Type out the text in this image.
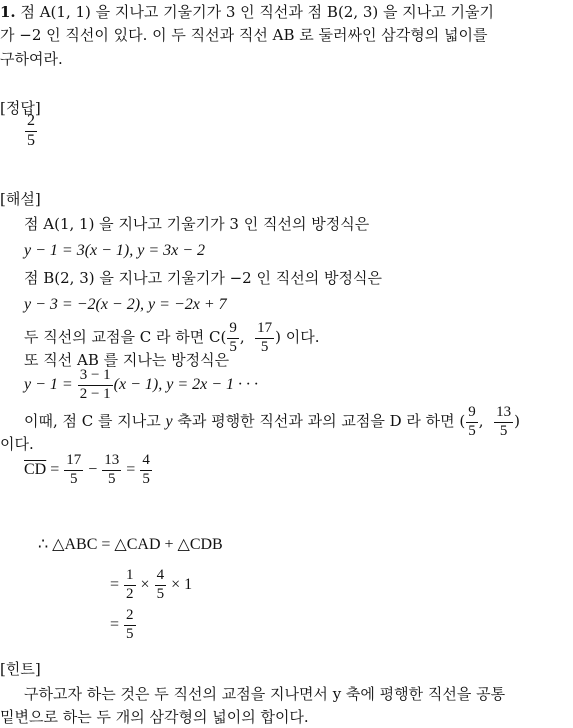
1. 점 A(1, 1) 을 지나고 기울기가 3 인 직선과 점 B(2, 3) 을 지나고 기울기
가 −2 인 직선이 있다. 이 두 직선과 직선 AB 로 둘러싸인 삼각형의 넓이를
구하여라.
[정답]
$\frac{2}{5}$
[해설]
점 A(1, 1) 을 지나고 기울기가 3 인 직선의 방정식은
y − 1 = 3(x − 1), y = 3x − 2
점 B(2, 3) 을 지나고 기울기가 −2 인 직선의 방정식은
y − 3 = −2(x − 2), y = −2x + 7
두 직선의 교점을 C 라 하면 $C( \frac{9}{5}$ , $\frac{17}{5}$ ) 이다.
또 직선 AB 를 지나는 방정식은
$y - 1 = \frac{3 - 1}{2 - 1} (x - 1)$, y = 2x − 1 · · ·
이때, 점 C 를 지나고 y 축과 평행한 직선과 과의 교점을 D 라 하면 ( $\frac{9}{5}$ , $\frac{13}{5}$ )
이다.
$\overline{CD} = \frac{17}{5} - \frac{13}{5} = \frac{4}{5}$
∴ △ABC = △CAD + △CDB
= $\frac{1}{2} \times \frac{4}{5} \times 1$
= $\frac{2}{5}$
[힌트]
구하고자 하는 것은 두 직선의 교점을 지나면서 y 축에 평행한 직선을 공통
밑변으로 하는 두 개의 삼각형의 넓이의 합이다.
